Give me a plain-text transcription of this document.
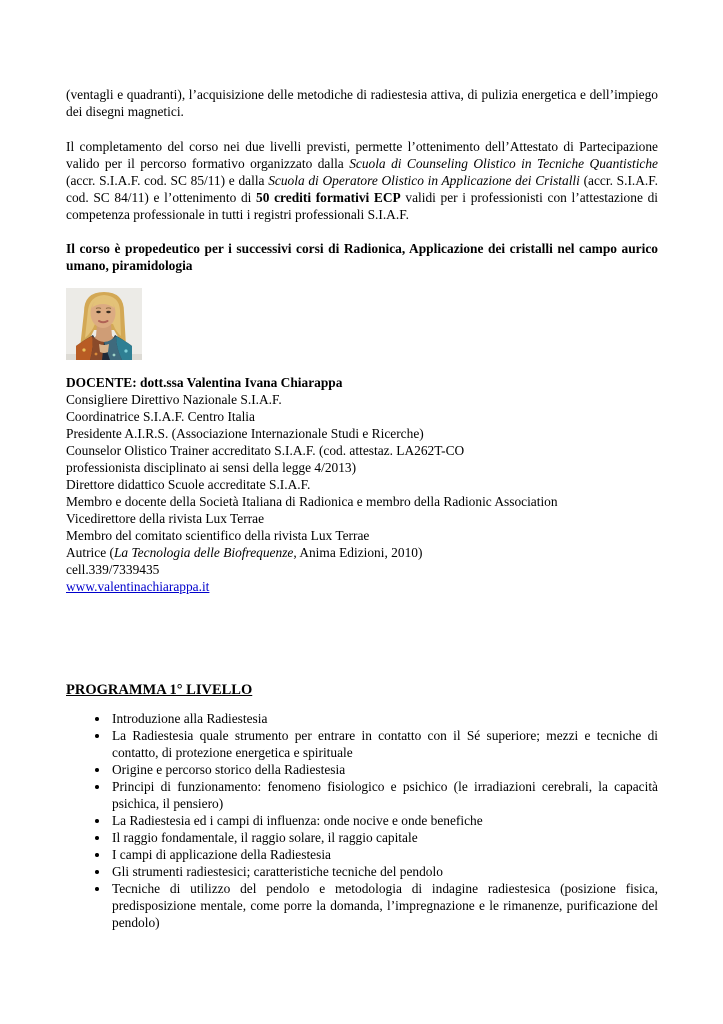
(ventagli e quadranti), l’acquisizione delle metodiche di radiestesia attiva, di pulizia energetica e dell’impiego dei disegni magnetici.

Il completamento del corso nei due livelli previsti, permette l’ottenimento dell’Attestato di Partecipazione valido per il percorso formativo organizzato dalla Scuola di Counseling Olistico in Tecniche Quantistiche (accr. S.I.A.F. cod. SC 85/11) e dalla Scuola di Operatore Olistico in Applicazione dei Cristalli (accr. S.I.A.F. cod. SC 84/11) e l’ottenimento di 50 crediti formativi ECP validi per i professionisti con l’attestazione di competenza professionale in tutti i registri professionali S.I.A.F.

Il corso è propedeutico per i successivi corsi di Radionica, Applicazione dei cristalli nel campo aurico umano, piramidologia

DOCENTE: dott.ssa Valentina Ivana Chiarappa
Consigliere Direttivo Nazionale S.I.A.F.
Coordinatrice S.I.A.F. Centro Italia
Presidente A.I.R.S. (Associazione Internazionale Studi e Ricerche)
Counselor Olistico Trainer accreditato S.I.A.F. (cod. attestaz. LA262T-CO
professionista disciplinato ai sensi della legge 4/2013)
Direttore didattico Scuole accreditate S.I.A.F.
Membro e docente della Società Italiana di Radionica e membro della Radionic Association
Vicedirettore della rivista Lux Terrae
Membro del comitato scientifico della rivista Lux Terrae
Autrice (La Tecnologia delle Biofrequenze, Anima Edizioni, 2010)
cell.339/7339435
www.valentinachiarappa.it
PROGRAMMA 1° LIVELLO
• Introduzione alla Radiestesia
• La Radiestesia quale strumento per entrare in contatto con il Sé superiore; mezzi e tecniche di contatto, di protezione energetica e spirituale
• Origine e percorso storico della Radiestesia
• Principi di funzionamento: fenomeno fisiologico e psichico (le irradiazioni cerebrali, la capacità psichica, il pensiero)
• La Radiestesia ed i campi di influenza: onde nocive e onde benefiche
• Il raggio fondamentale, il raggio solare, il raggio capitale
• I campi di applicazione della Radiestesia
• Gli strumenti radiestesici; caratteristiche tecniche del pendolo
• Tecniche di utilizzo del pendolo e metodologia di indagine radiestesica (posizione fisica, predisposizione mentale, come porre la domanda, l’impregnazione e le rimanenze, purificazione del pendolo)
